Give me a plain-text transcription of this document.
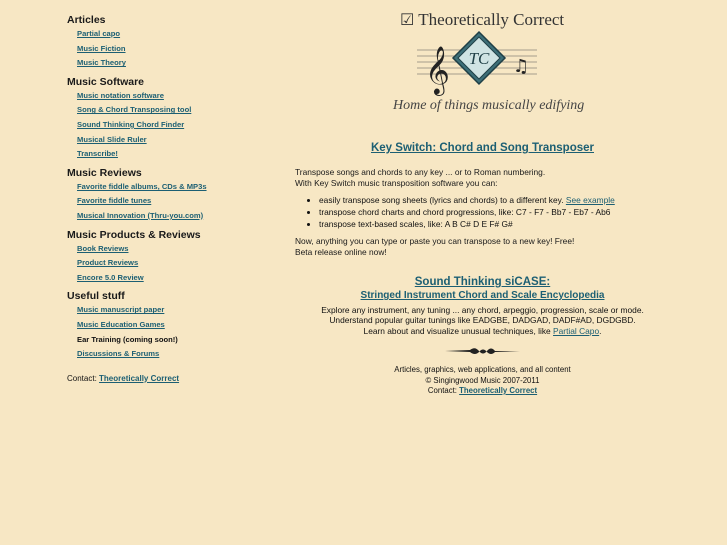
Articles

Partial capo
Music Fiction
Music Theory

Music Software

Music notation software
Song & Chord Transposing tool
Sound Thinking Chord Finder
Musical Slide Ruler
Transcribe!

Music Reviews

Favorite fiddle albums, CDs & MP3s
Favorite fiddle tunes
Musical Innovation (Thru-you.com)

Music Products & Reviews

Book Reviews
Product Reviews
Encore 5.0 Review

Useful stuff

Music manuscript paper
Music Education Games
Ear Training (coming soon!)
Discussions & Forums
Contact: Theoretically Correct
☑ Theoretically Correct
𝄞 TC ♫
Home of things musically edifying
Key Switch: Chord and Song Transposer
Transpose songs and chords to any key ... or to Roman numbering.
With Key Switch music transposition software you can:
• easily transpose song sheets (lyrics and chords) to a different key. See example
• transpose chord charts and chord progressions, like: C7 - F7 - Bb7 - Eb7 - Ab6
• transpose text-based scales, like: A B C# D E F# G#
Now, anything you can type or paste you can transpose to a new key! Free!
Beta release online now!
Sound Thinking siCASE:
Stringed Instrument Chord and Scale Encyclopedia
Explore any instrument, any tuning ... any chord, arpeggio, progression, scale or mode.
Understand popular guitar tunings like EADGBE, DADGAD, DADF#AD, DGDGBD.
Learn about and visualize unusual techniques, like Partial Capo.
Articles, graphics, web applications, and all content
© Singingwood Music 2007-2011
Contact: Theoretically Correct
